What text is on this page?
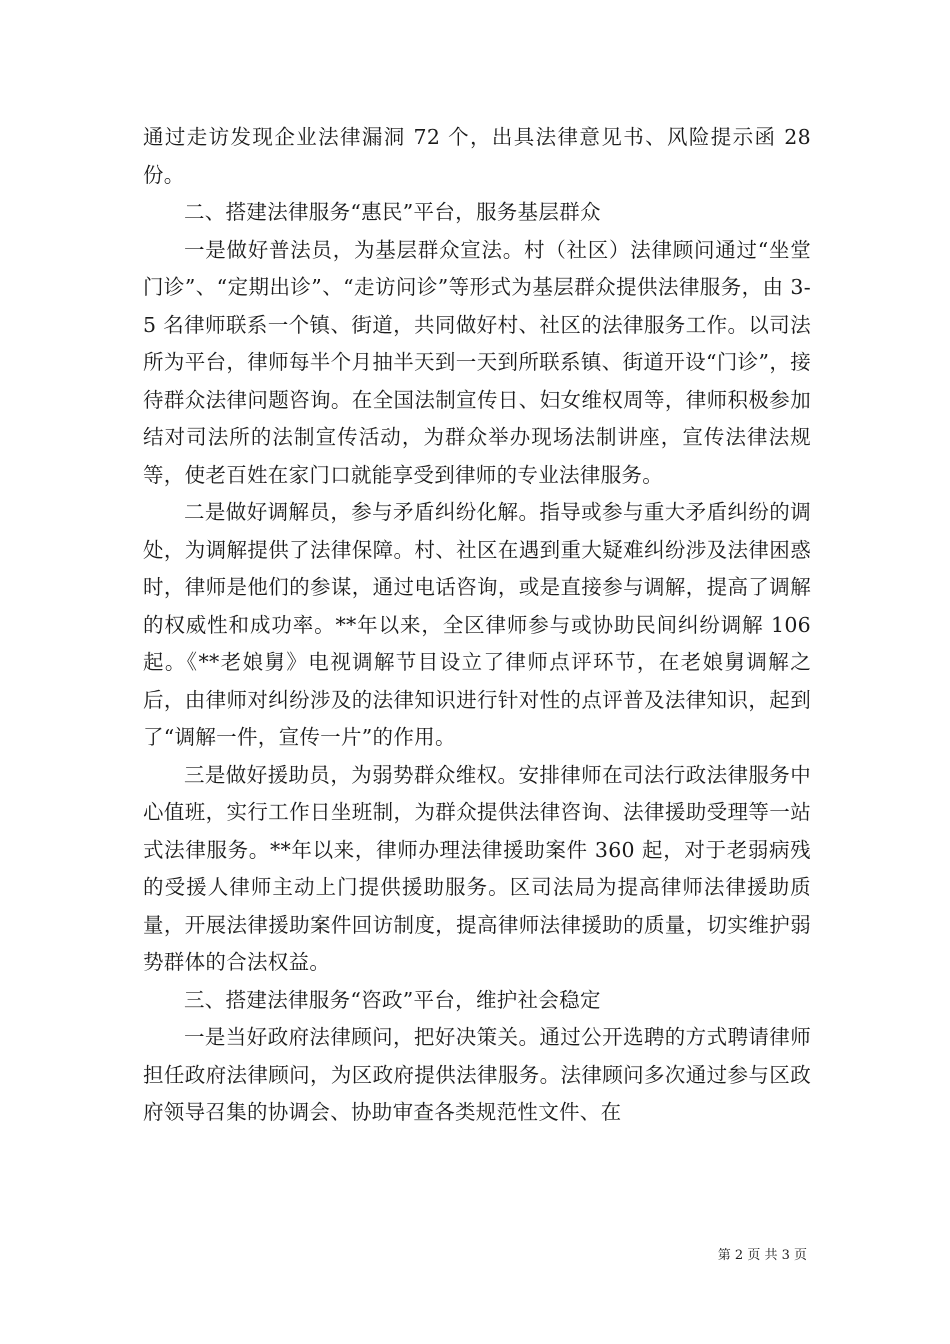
通过走访发现企业法律漏洞 72 个，出具法律意见书、风险提示函 28 份。

二、搭建法律服务“惠民”平台，服务基层群众

一是做好普法员，为基层群众宣法。村（社区）法律顾问通过“坐堂门诊”、“定期出诊”、“走访问诊”等形式为基层群众提供法律服务，由 3-5 名律师联系一个镇、街道，共同做好村、社区的法律服务工作。以司法所为平台，律师每半个月抽半天到一天到所联系镇、街道开设“门诊”，接待群众法律问题咨询。在全国法制宣传日、妇女维权周等，律师积极参加结对司法所的法制宣传活动，为群众举办现场法制讲座，宣传法律法规等，使老百姓在家门口就能享受到律师的专业法律服务。

二是做好调解员，参与矛盾纠纷化解。指导或参与重大矛盾纠纷的调处，为调解提供了法律保障。村、社区在遇到重大疑难纠纷涉及法律困惑时，律师是他们的参谋，通过电话咨询，或是直接参与调解，提高了调解的权威性和成功率。**年以来，全区律师参与或协助民间纠纷调解 106 起。《**老娘舅》电视调解节目设立了律师点评环节，在老娘舅调解之后，由律师对纠纷涉及的法律知识进行针对性的点评普及法律知识，起到了“调解一件，宣传一片”的作用。

三是做好援助员，为弱势群众维权。安排律师在司法行政法律服务中心值班，实行工作日坐班制，为群众提供法律咨询、法律援助受理等一站式法律服务。**年以来，律师办理法律援助案件 360 起，对于老弱病残的受援人律师主动上门提供援助服务。区司法局为提高律师法律援助质量，开展法律援助案件回访制度，提高律师法律援助的质量，切实维护弱势群体的合法权益。

三、搭建法律服务“咨政”平台，维护社会稳定

一是当好政府法律顾问，把好决策关。通过公开选聘的方式聘请律师担任政府法律顾问，为区政府提供法律服务。法律顾问多次通过参与区政府领导召集的协调会、协助审查各类规范性文件、在

第 2 页 共 3 页
